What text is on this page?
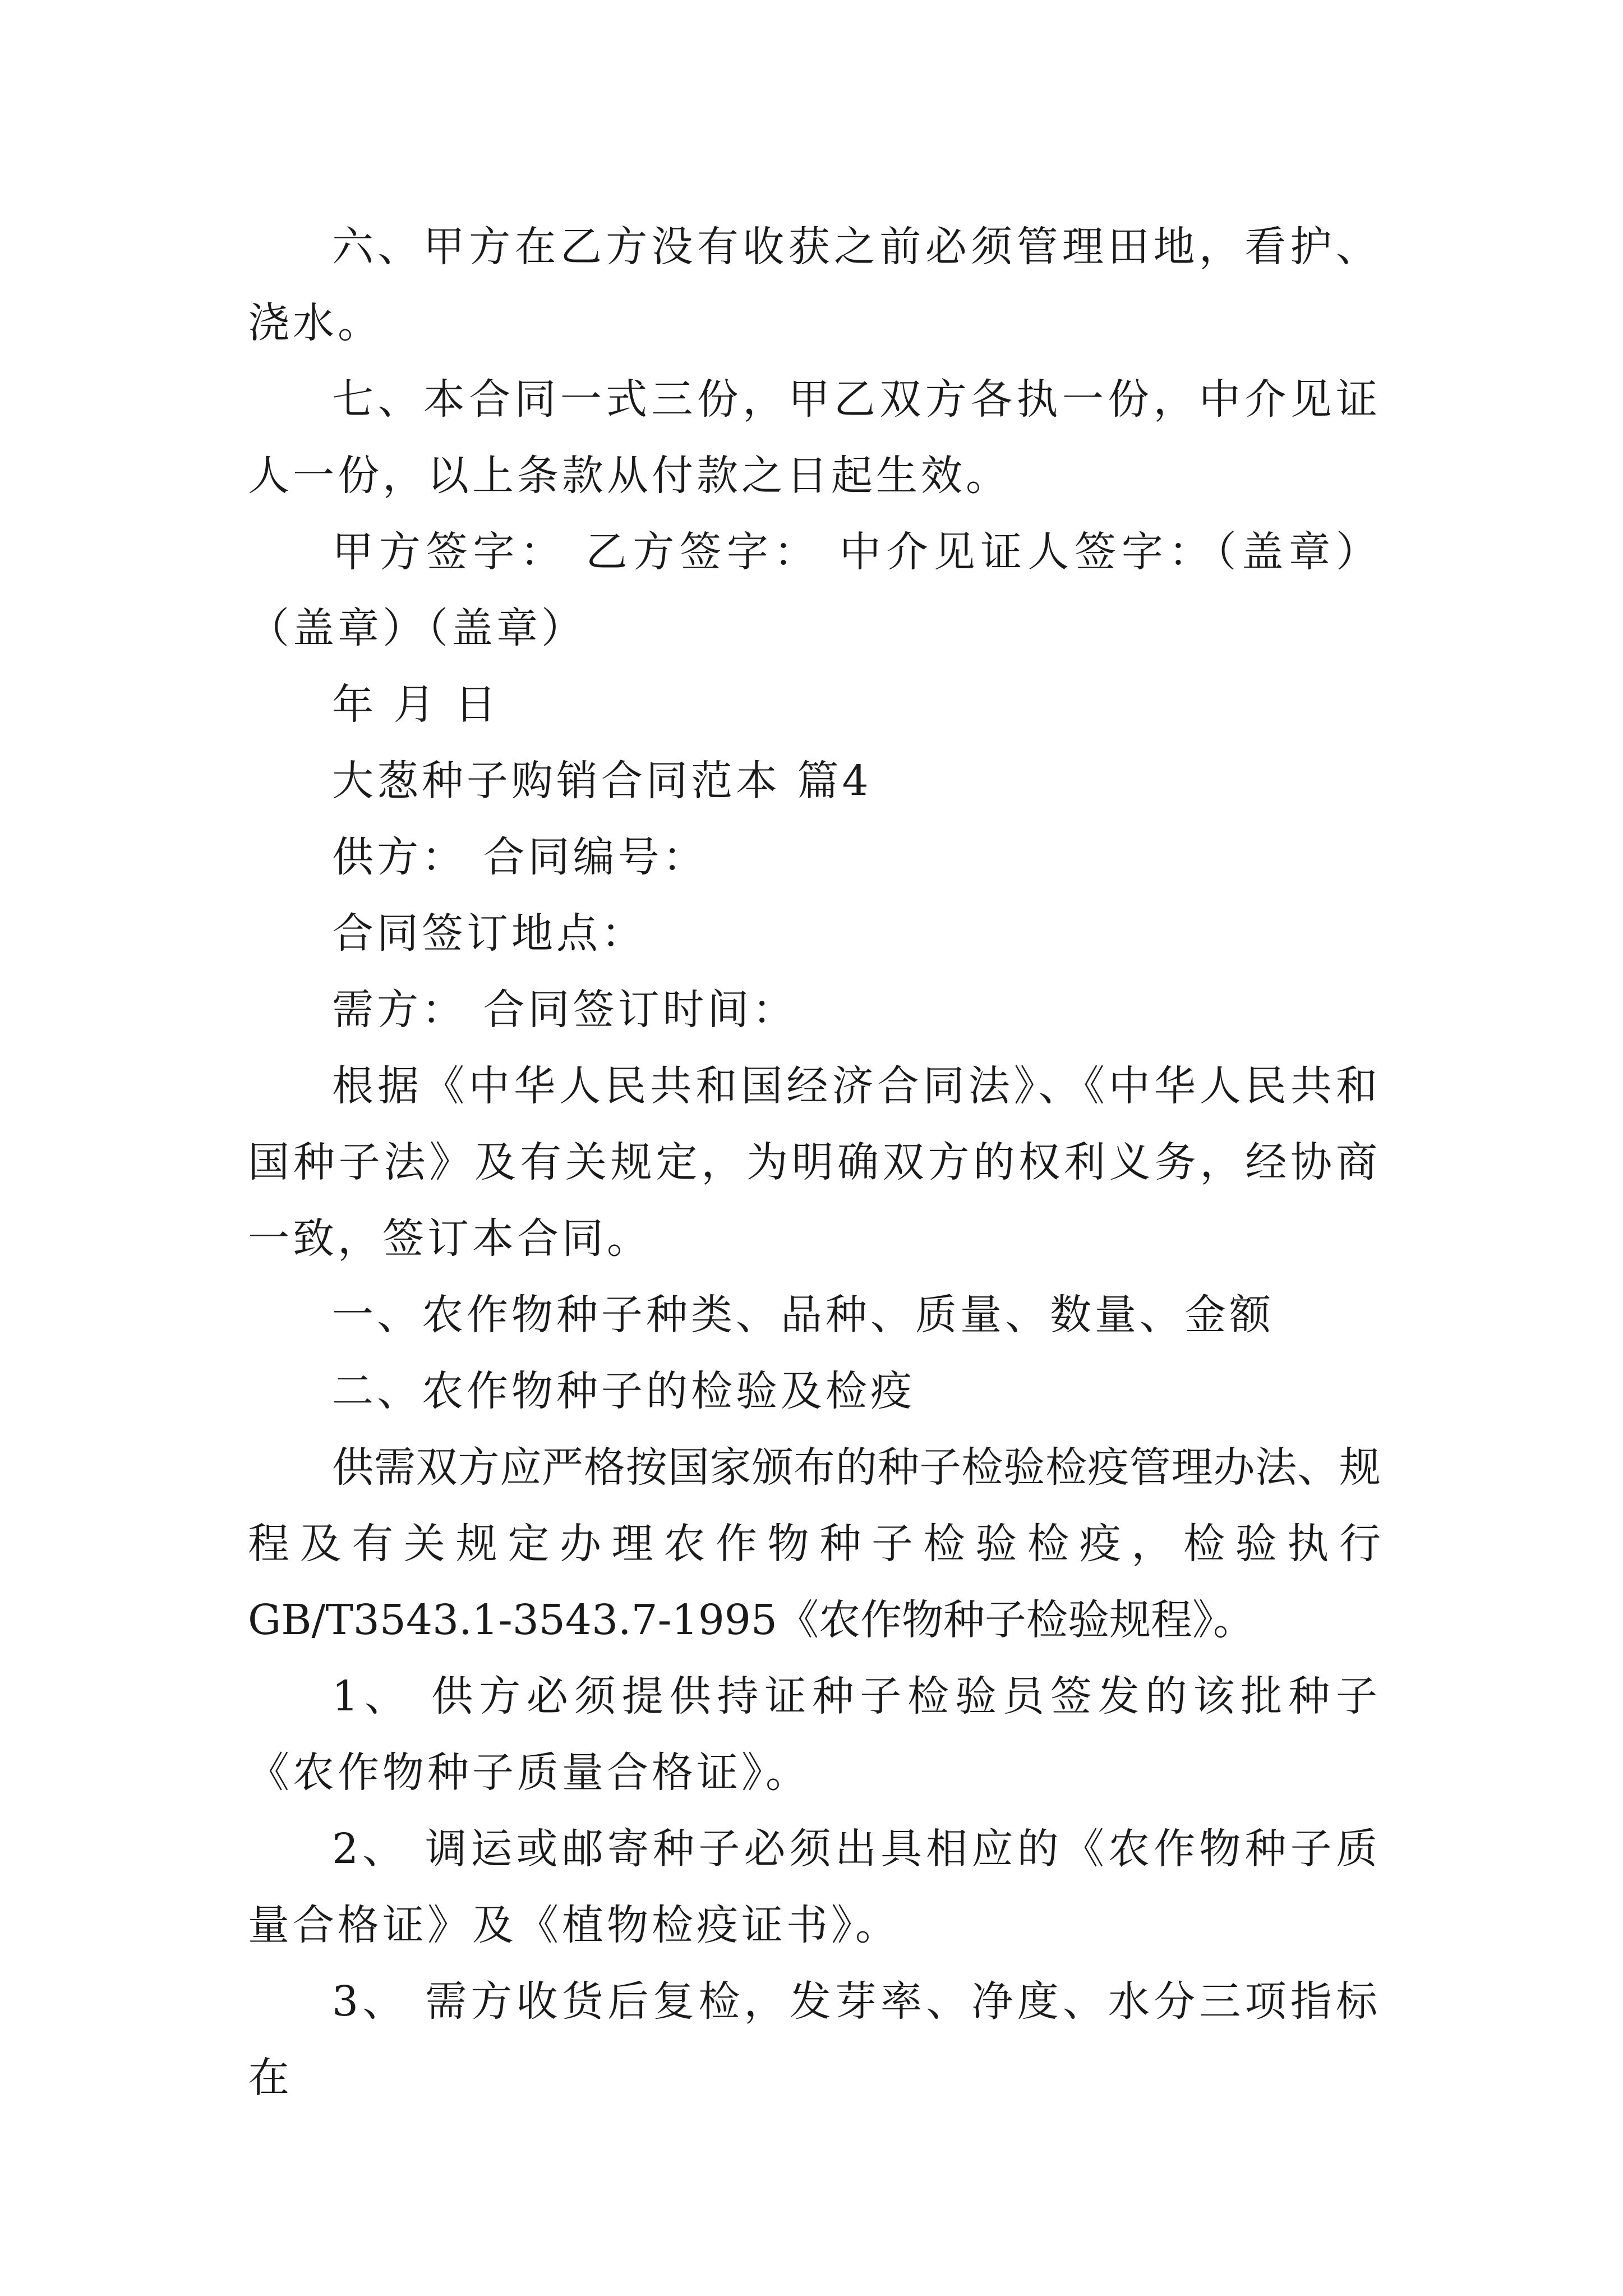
六、甲方在乙方没有收获之前必须管理田地，看护、浇水。

七、本合同一式三份，甲乙双方各执一份，中介见证人一份，以上条款从付款之日起生效。

甲方签字： 乙方签字： 中介见证人签字：（盖章）（盖章）（盖章）

年 月 日

大葱种子购销合同范本 篇4

供方： 合同编号：

合同签订地点：

需方： 合同签订时间：

根据《中华人民共和国经济合同法》、《中华人民共和国种子法》及有关规定，为明确双方的权利义务，经协商一致，签订本合同。

一、农作物种子种类、品种、质量、数量、金额

二、农作物种子的检验及检疫

供需双方应严格按国家颁布的种子检验检疫管理办法、规程及有关规定办理农作物种子检验检疫，检验执行GB/T3543.1-3543.7-1995《农作物种子检验规程》。

1、 供方必须提供持证种子检验员签发的该批种子《农作物种子质量合格证》。

2、 调运或邮寄种子必须出具相应的《农作物种子质量合格证》及《植物检疫证书》。

3、 需方收货后复检，发芽率、净度、水分三项指标在
